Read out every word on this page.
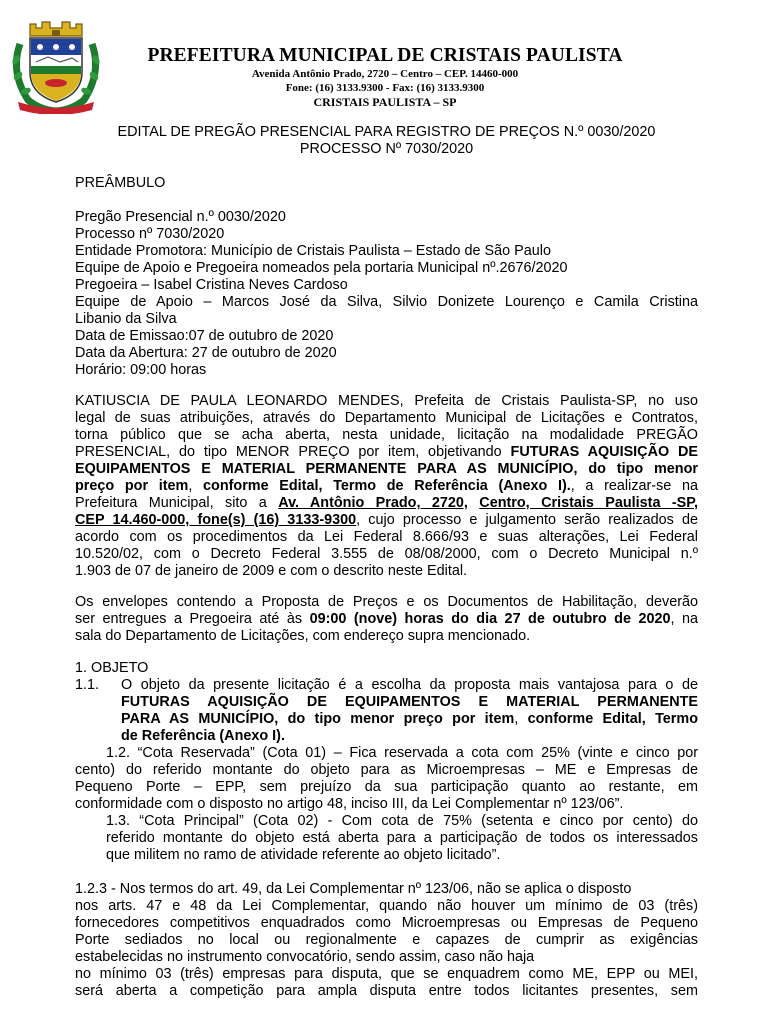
PREFEITURA MUNICIPAL DE CRISTAIS PAULISTA
Avenida Antônio Prado, 2720 – Centro – CEP. 14460-000
Fone: (16) 3133.9300 - Fax: (16) 3133.9300
CRISTAIS PAULISTA – SP
EDITAL DE PREGÃO PRESENCIAL PARA REGISTRO DE PREÇOS N.º 0030/2020
PROCESSO Nº 7030/2020
PREÂMBULO
Pregão Presencial n.º 0030/2020
Processo nº 7030/2020
Entidade Promotora: Município de Cristais Paulista – Estado de São Paulo
Equipe de Apoio e Pregoeira nomeados pela portaria Municipal nº.2676/2020
Pregoeira – Isabel Cristina Neves Cardoso
Equipe de Apoio – Marcos José da Silva, Silvio Donizete Lourenço e Camila Cristina
Libanio da Silva
Data de Emissao:07 de outubro de 2020
Data da Abertura: 27 de outubro de 2020
Horário: 09:00 horas
KATIUSCIA DE PAULA LEONARDO MENDES, Prefeita de Cristais Paulista-SP, no uso
legal de suas atribuições, através do Departamento Municipal de Licitações e Contratos,
torna público que se acha aberta, nesta unidade, licitação na modalidade PREGÃO
PRESENCIAL, do tipo MENOR PREÇO por item, objetivando FUTURAS AQUISIÇÃO DE
EQUIPAMENTOS E MATERIAL PERMANENTE PARA AS MUNICÍPIO, do tipo menor
preço por item, conforme Edital, Termo de Referência (Anexo I)., a realizar-se na
Prefeitura Municipal, sito a Av. Antônio Prado, 2720, Centro, Cristais Paulista -SP,
CEP 14.460-000, fone(s) (16) 3133-9300, cujo processo e julgamento serão realizados de
acordo com os procedimentos da Lei Federal 8.666/93 e suas alterações, Lei Federal
10.520/02, com o Decreto Federal 3.555 de 08/08/2000, com o Decreto Municipal n.º
1.903 de 07 de janeiro de 2009 e com o descrito neste Edital.
Os envelopes contendo a Proposta de Preços e os Documentos de Habilitação, deverão
ser entregues a Pregoeira até às 09:00 (nove) horas do dia 27 de outubro de 2020, na
sala do Departamento de Licitações, com endereço supra mencionado.
1. OBJETO
1.1.	O objeto da presente licitação é a escolha da proposta mais vantajosa para o de
FUTURAS AQUISIÇÃO DE EQUIPAMENTOS E MATERIAL PERMANENTE
PARA AS MUNICÍPIO, do tipo menor preço por item, conforme Edital, Termo
de Referência (Anexo I).
1.2. “Cota Reservada” (Cota 01) – Fica reservada a cota com 25% (vinte e cinco por
cento) do referido montante do objeto para as Microempresas – ME e Empresas de
Pequeno Porte – EPP, sem prejuízo da sua participação quanto ao restante, em
conformidade com o disposto no artigo 48, inciso III, da Lei Complementar nº 123/06”.
1.3. “Cota Principal” (Cota 02) - Com cota de 75% (setenta e cinco por cento) do
referido montante do objeto está aberta para a participação de todos os interessados
que militem no ramo de atividade referente ao objeto licitado”.
1.2.3 - Nos termos do art. 49, da Lei Complementar nº 123/06, não se aplica o disposto
nos arts. 47 e 48 da Lei Complementar, quando não houver um mínimo de 03 (três)
fornecedores competitivos enquadrados como Microempresas ou Empresas de Pequeno
Porte sediados no local ou regionalmente e capazes de cumprir as exigências
estabelecidas no instrumento convocatório, sendo assim, caso não haja
no mínimo 03 (três) empresas para disputa, que se enquadrem como ME, EPP ou MEI,
será aberta a competição para ampla disputa entre todos licitantes presentes, sem
